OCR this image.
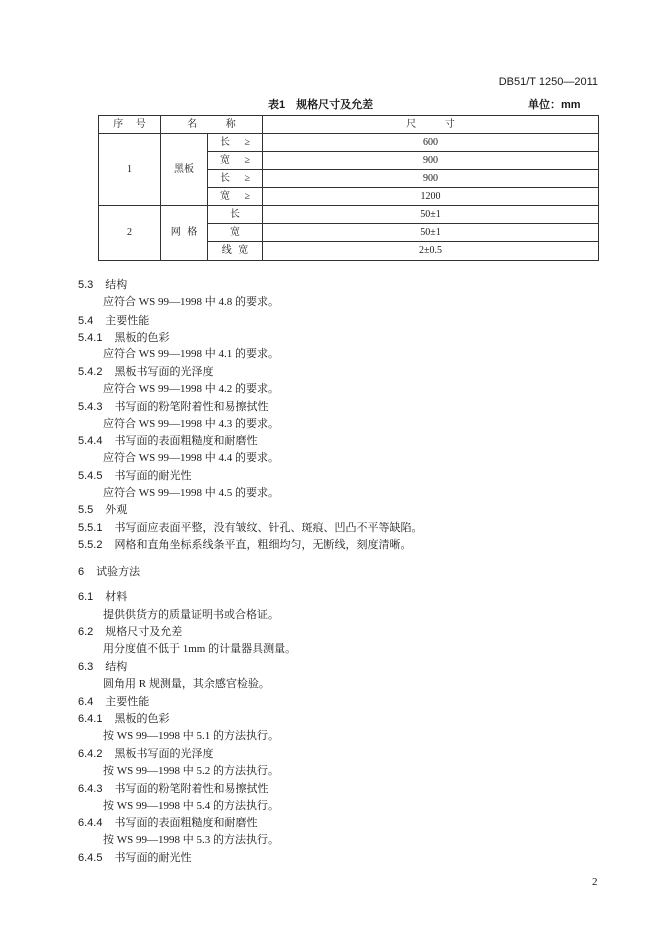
DB51/T 1250—2011
表1　规格尺寸及允差	单位：mm
序 号	名 称		尺 寸
1	黑板	长 ≥	600
		宽 ≥	900
		长 ≥	900
		宽 ≥	1200
2	网 格	长	50±1
		宽	50±1
		线 宽	2±0.5
5.3 结构
应符合 WS 99—1998 中 4.8 的要求。
5.4 主要性能
5.4.1 黑板的色彩
应符合 WS 99—1998 中 4.1 的要求。
5.4.2 黑板书写面的光泽度
应符合 WS 99—1998 中 4.2 的要求。
5.4.3 书写面的粉笔附着性和易擦拭性
应符合 WS 99—1998 中 4.3 的要求。
5.4.4 书写面的表面粗糙度和耐磨性
应符合 WS 99—1998 中 4.4 的要求。
5.4.5 书写面的耐光性
应符合 WS 99—1998 中 4.5 的要求。
5.5 外观
5.5.1 书写面应表面平整，没有皱纹、针孔、斑痕、凹凸不平等缺陷。
5.5.2 网格和直角坐标系线条平直，粗细均匀，无断线，刻度清晰。
6 试验方法
6.1 材料
提供供货方的质量证明书或合格证。
6.2 规格尺寸及允差
用分度值不低于 1mm 的计量器具测量。
6.3 结构
圆角用 R 规测量，其余感官检验。
6.4 主要性能
6.4.1 黑板的色彩
按 WS 99—1998 中 5.1 的方法执行。
6.4.2 黑板书写面的光泽度
按 WS 99—1998 中 5.2 的方法执行。
6.4.3 书写面的粉笔附着性和易擦拭性
按 WS 99—1998 中 5.4 的方法执行。
6.4.4 书写面的表面粗糙度和耐磨性
按 WS 99—1998 中 5.3 的方法执行。
6.4.5 书写面的耐光性
2
